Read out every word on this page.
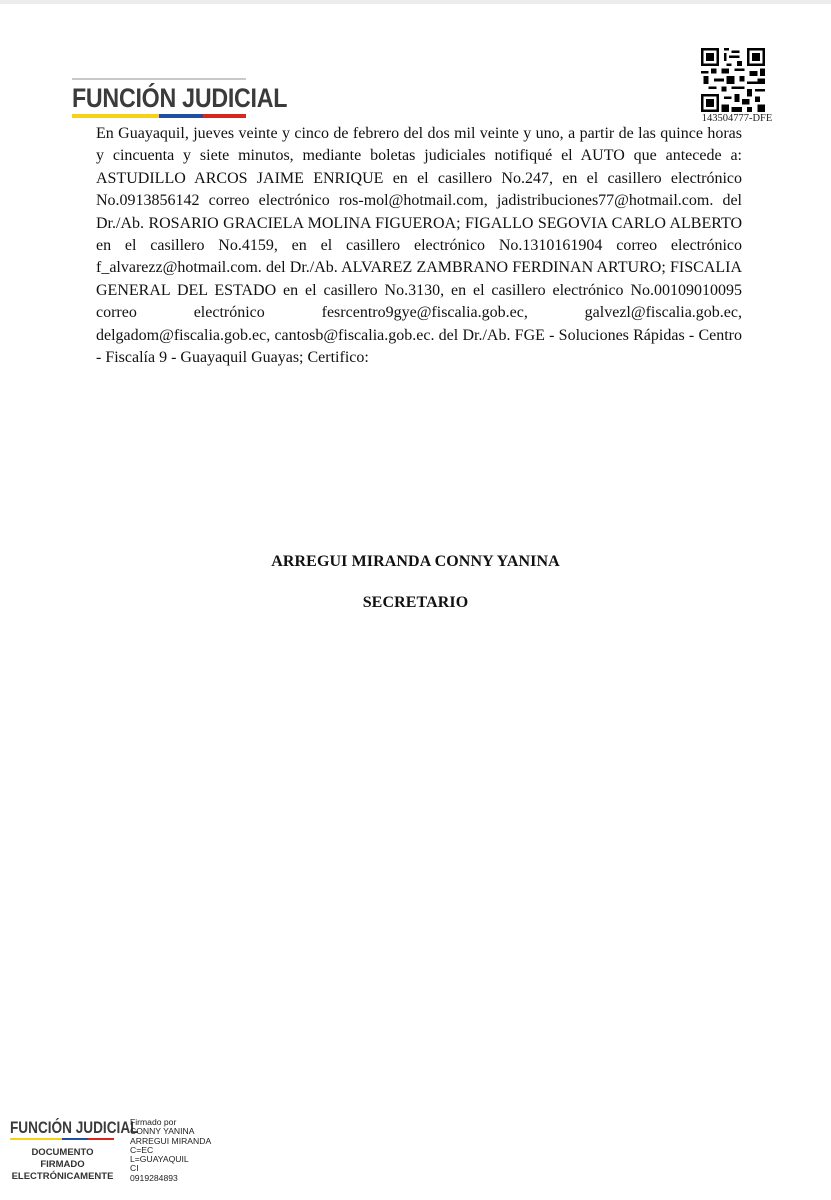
FUNCIÓN JUDICIAL
143504777-DFE

En Guayaquil, jueves veinte y cinco de febrero del dos mil veinte y uno, a partir de las quince horas y cincuenta y siete minutos, mediante boletas judiciales notifiqué el AUTO que antecede a: ASTUDILLO ARCOS JAIME ENRIQUE en el casillero No.247, en el casillero electrónico No.0913856142 correo electrónico ros-mol@hotmail.com, jadistribuciones77@hotmail.com. del Dr./Ab. ROSARIO GRACIELA MOLINA FIGUEROA; FIGALLO SEGOVIA CARLO ALBERTO en el casillero No.4159, en el casillero electrónico No.1310161904 correo electrónico f_alvarezz@hotmail.com. del Dr./Ab. ALVAREZ ZAMBRANO FERDINAN ARTURO; FISCALIA GENERAL DEL ESTADO en el casillero No.3130, en el casillero electrónico No.00109010095 correo electrónico fesrcentro9gye@fiscalia.gob.ec, galvezl@fiscalia.gob.ec, delgadom@fiscalia.gob.ec, cantosb@fiscalia.gob.ec. del Dr./Ab. FGE - Soluciones Rápidas - Centro - Fiscalía 9 - Guayaquil Guayas; Certifico:

ARREGUI MIRANDA CONNY YANINA
SECRETARIO
FUNCIÓN JUDICIAL
DOCUMENTO FIRMADO
ELECTRÓNICAMENTE
Firmado por
CONNY YANINA
ARREGUI MIRANDA
C=EC
L=GUAYAQUIL
CI
0919284893
